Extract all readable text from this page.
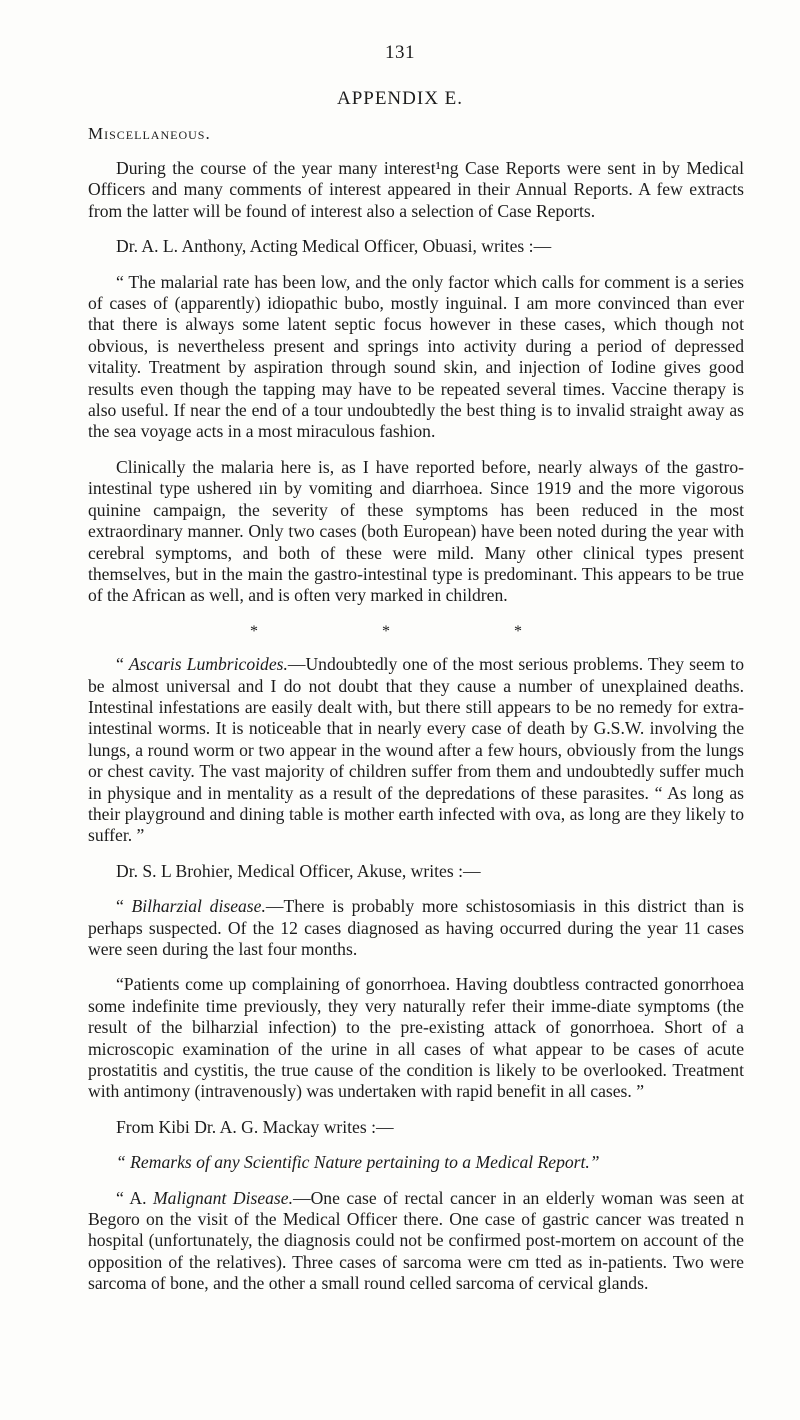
131
APPENDIX E.
Miscellaneous.

During the course of the year many interest¹ng Case Reports were sent in by Medical Officers and many comments of interest appeared in their Annual Reports. A few extracts from the latter will be found of interest also a selection of Case Reports.

Dr. A. L. Anthony, Acting Medical Officer, Obuasi, writes :—

“ The malarial rate has been low, and the only factor which calls for comment is a series of cases of (apparently) idiopathic bubo, mostly inguinal. I am more convinced than ever that there is always some latent septic focus however in these cases, which though not obvious, is nevertheless present and springs into activity during a period of depressed vitality. Treatment by aspiration through sound skin, and injection of Iodine gives good results even though the tapping may have to be repeated several times. Vaccine therapy is also useful. If near the end of a tour undoubtedly the best thing is to invalid straight away as the sea voyage acts in a most miraculous fashion.

Clinically the malaria here is, as I have reported before, nearly always of the gastro-intestinal type ushered ıin by vomiting and diarrhoea. Since 1919 and the more vigorous quinine campaign, the severity of these symptoms has been reduced in the most extraordinary manner. Only two cases (both European) have been noted during the year with cerebral symptoms, and both of these were mild. Many other clinical types present themselves, but in the main the gastro-intestinal type is predominant. This appears to be true of the African as well, and is often very marked in children.

* * *

“ Ascaris Lumbricoides.—Undoubtedly one of the most serious problems. They seem to be almost universal and I do not doubt that they cause a number of unexplained deaths. Intestinal infestations are easily dealt with, but there still appears to be no remedy for extra-intestinal worms. It is noticeable that in nearly every case of death by G.S.W. involving the lungs, a round worm or two appear in the wound after a few hours, obviously from the lungs or chest cavity. The vast majority of children suffer from them and undoubtedly suffer much in physique and in mentality as a result of the depredations of these parasites. “ As long as their playground and dining table is mother earth infected with ova, as long are they likely to suffer. ”

Dr. S. L Brohier, Medical Officer, Akuse, writes :—

“ Bilharzial disease.—There is probably more schistosomiasis in this district than is perhaps suspected. Of the 12 cases diagnosed as having occurred during the year 11 cases were seen during the last four months.

“Patients come up complaining of gonorrhoea. Having doubtless contracted gonorrhoea some indefinite time previously, they very naturally refer their imme-diate symptoms (the result of the bilharzial infection) to the pre-existing attack of gonorrhoea. Short of a microscopic examination of the urine in all cases of what appear to be cases of acute prostatitis and cystitis, the true cause of the condition is likely to be overlooked. Treatment with antimony (intravenously) was undertaken with rapid benefit in all cases. ”

From Kibi Dr. A. G. Mackay writes :—

“ Remarks of any Scientific Nature pertaining to a Medical Report.”

“ A. Malignant Disease.—One case of rectal cancer in an elderly woman was seen at Begoro on the visit of the Medical Officer there. One case of gastric cancer was treated n hospital (unfortunately, the diagnosis could not be confirmed post-mortem on account of the opposition of the relatives). Three cases of sarcoma were cm tted as in-patients. Two were sarcoma of bone, and the other a small round celled sarcoma of cervical glands.
